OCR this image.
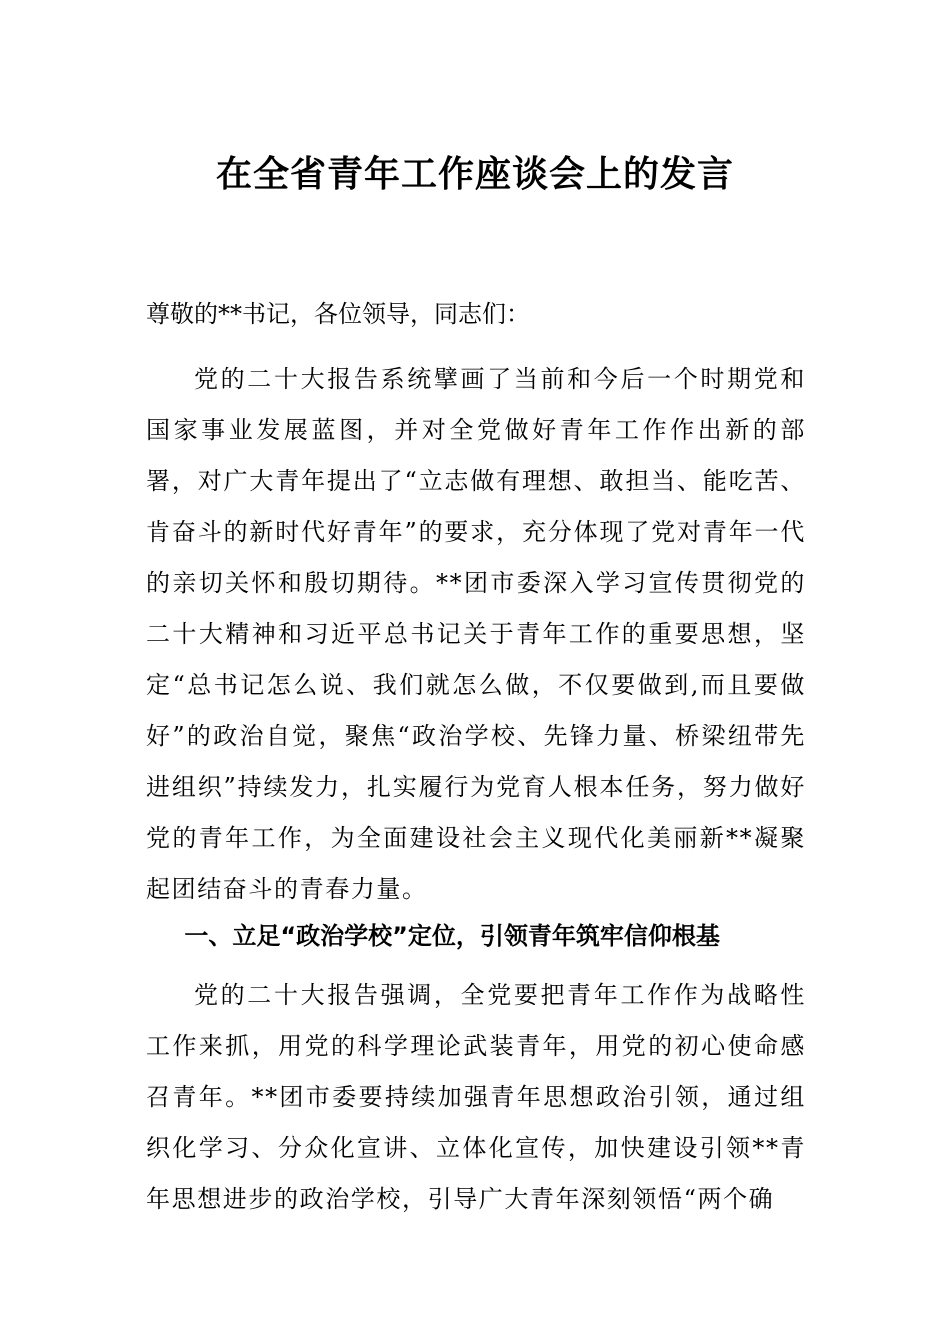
在全省青年工作座谈会上的发言

尊敬的**书记，各位领导，同志们：

党的二十大报告系统擘画了当前和今后一个时期党和国家事业发展蓝图，并对全党做好青年工作作出新的部署，对广大青年提出了“立志做有理想、敢担当、能吃苦、肯奋斗的新时代好青年”的要求，充分体现了党对青年一代的亲切关怀和殷切期待。**团市委深入学习宣传贯彻党的二十大精神和习近平总书记关于青年工作的重要思想，坚定“总书记怎么说、我们就怎么做，不仅要做到,而且要做好”的政治自觉，聚焦“政治学校、先锋力量、桥梁纽带先进组织”持续发力，扎实履行为党育人根本任务，努力做好党的青年工作，为全面建设社会主义现代化美丽新**凝聚起团结奋斗的青春力量。

一、立足“政治学校”定位，引领青年筑牢信仰根基

党的二十大报告强调，全党要把青年工作作为战略性工作来抓，用党的科学理论武装青年，用党的初心使命感召青年。**团市委要持续加强青年思想政治引领，通过组织化学习、分众化宣讲、立体化宣传，加快建设引领**青年思想进步的政治学校，引导广大青年深刻领悟“两个确
